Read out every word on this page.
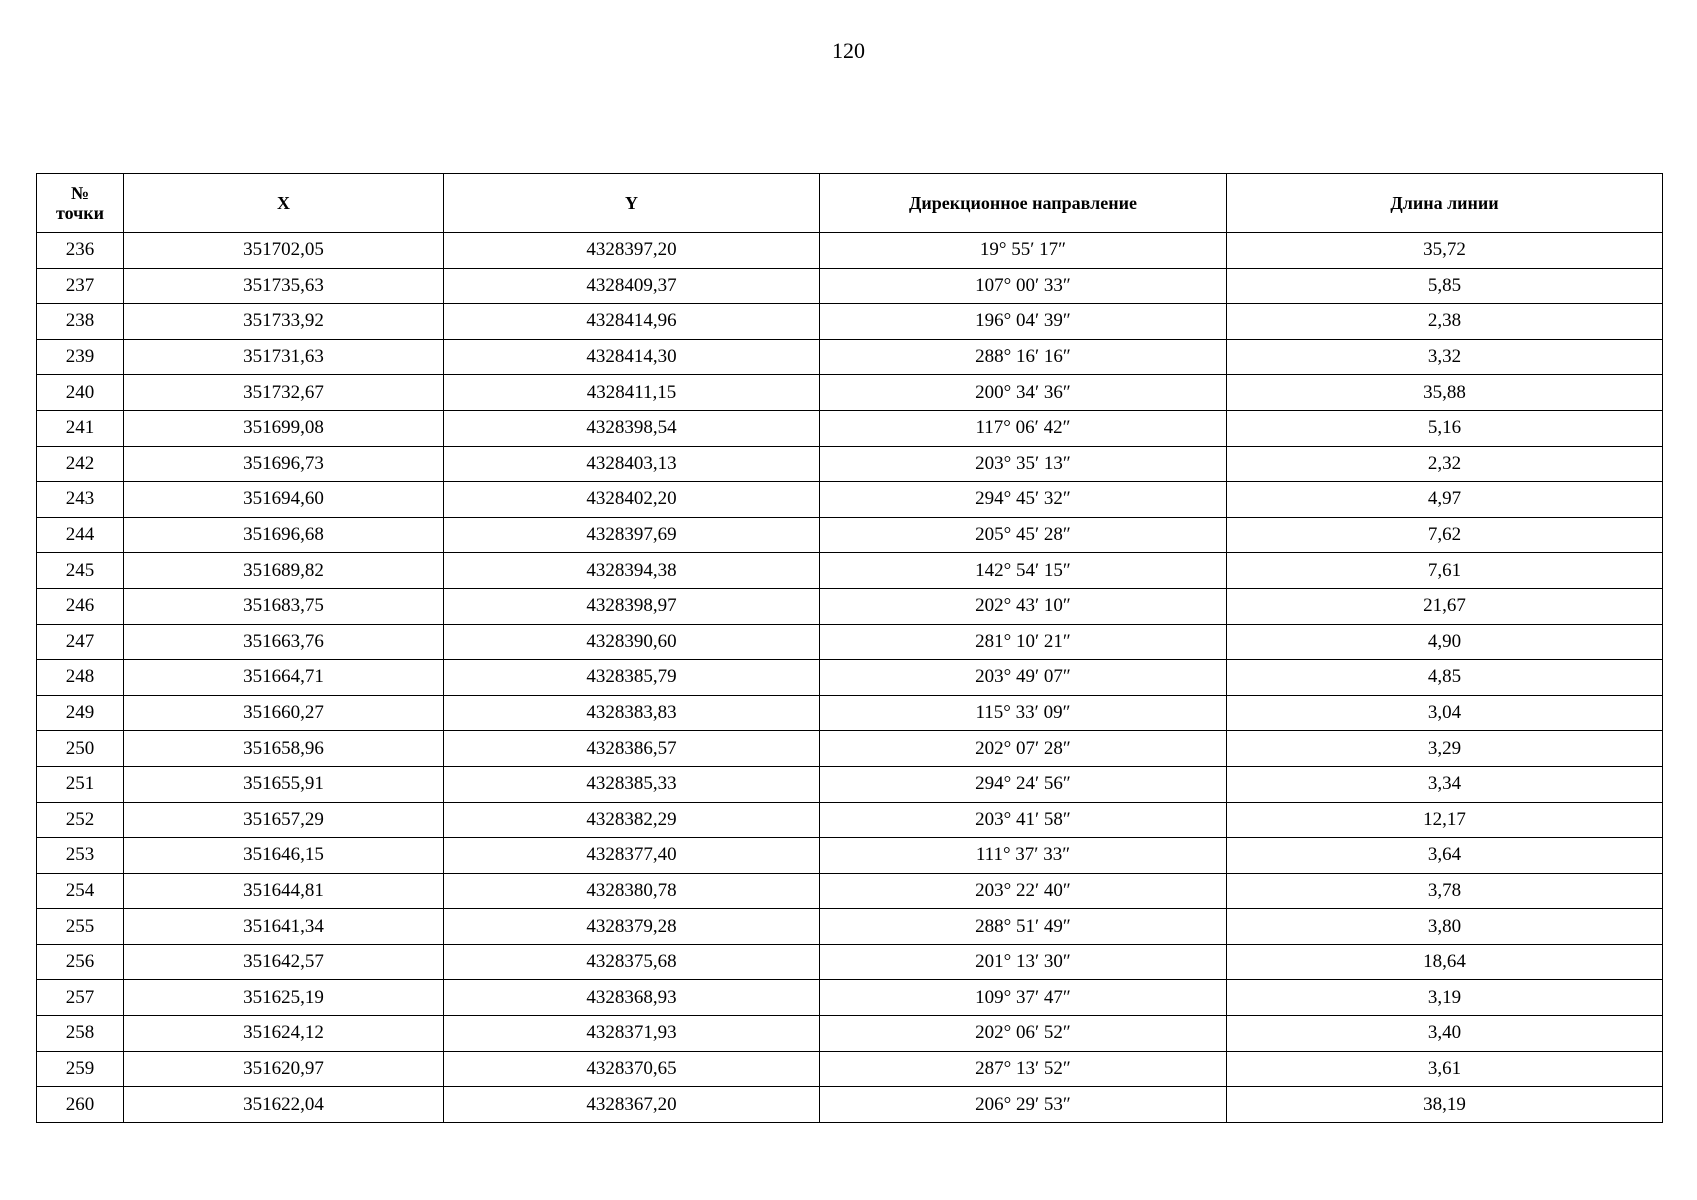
120
№
точки	X	Y	Дирекционное направление	Длина линии
236	351702,05	4328397,20	19° 55′ 17″	35,72
237	351735,63	4328409,37	107° 00′ 33″	5,85
238	351733,92	4328414,96	196° 04′ 39″	2,38
239	351731,63	4328414,30	288° 16′ 16″	3,32
240	351732,67	4328411,15	200° 34′ 36″	35,88
241	351699,08	4328398,54	117° 06′ 42″	5,16
242	351696,73	4328403,13	203° 35′ 13″	2,32
243	351694,60	4328402,20	294° 45′ 32″	4,97
244	351696,68	4328397,69	205° 45′ 28″	7,62
245	351689,82	4328394,38	142° 54′ 15″	7,61
246	351683,75	4328398,97	202° 43′ 10″	21,67
247	351663,76	4328390,60	281° 10′ 21″	4,90
248	351664,71	4328385,79	203° 49′ 07″	4,85
249	351660,27	4328383,83	115° 33′ 09″	3,04
250	351658,96	4328386,57	202° 07′ 28″	3,29
251	351655,91	4328385,33	294° 24′ 56″	3,34
252	351657,29	4328382,29	203° 41′ 58″	12,17
253	351646,15	4328377,40	111° 37′ 33″	3,64
254	351644,81	4328380,78	203° 22′ 40″	3,78
255	351641,34	4328379,28	288° 51′ 49″	3,80
256	351642,57	4328375,68	201° 13′ 30″	18,64
257	351625,19	4328368,93	109° 37′ 47″	3,19
258	351624,12	4328371,93	202° 06′ 52″	3,40
259	351620,97	4328370,65	287° 13′ 52″	3,61
260	351622,04	4328367,20	206° 29′ 53″	38,19
